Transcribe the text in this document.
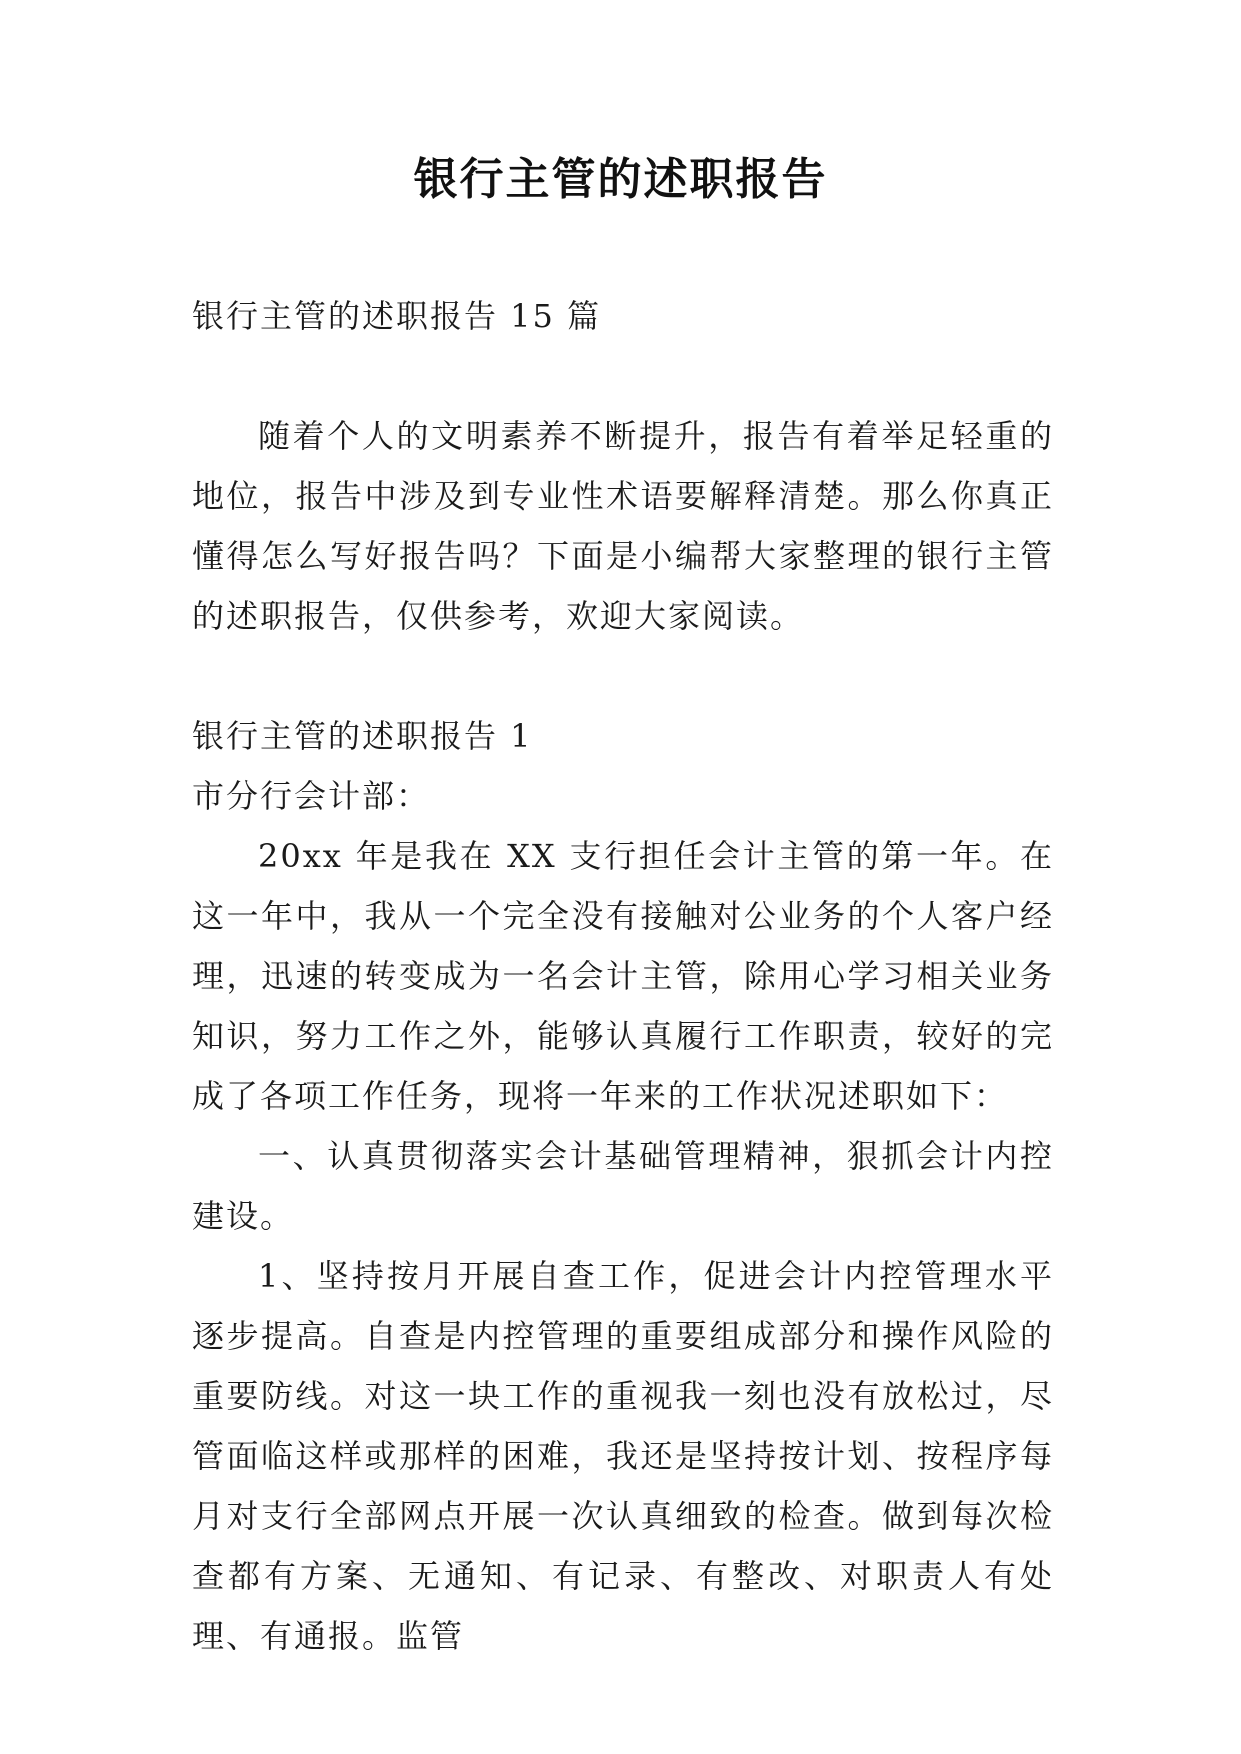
银行主管的述职报告

银行主管的述职报告 15 篇

随着个人的文明素养不断提升，报告有着举足轻重的地位，报告中涉及到专业性术语要解释清楚。那么你真正懂得怎么写好报告吗？下面是小编帮大家整理的银行主管的述职报告，仅供参考，欢迎大家阅读。

银行主管的述职报告 1

市分行会计部：

20xx 年是我在 XX 支行担任会计主管的第一年。在这一年中，我从一个完全没有接触对公业务的个人客户经理，迅速的转变成为一名会计主管，除用心学习相关业务知识，努力工作之外，能够认真履行工作职责，较好的完成了各项工作任务，现将一年来的工作状况述职如下：

一、认真贯彻落实会计基础管理精神，狠抓会计内控建设。

1、坚持按月开展自查工作，促进会计内控管理水平逐步提高。自查是内控管理的重要组成部分和操作风险的重要防线。对这一块工作的重视我一刻也没有放松过，尽管面临这样或那样的困难，我还是坚持按计划、按程序每月对支行全部网点开展一次认真细致的检查。做到每次检查都有方案、无通知、有记录、有整改、对职责人有处理、有通报。监管
